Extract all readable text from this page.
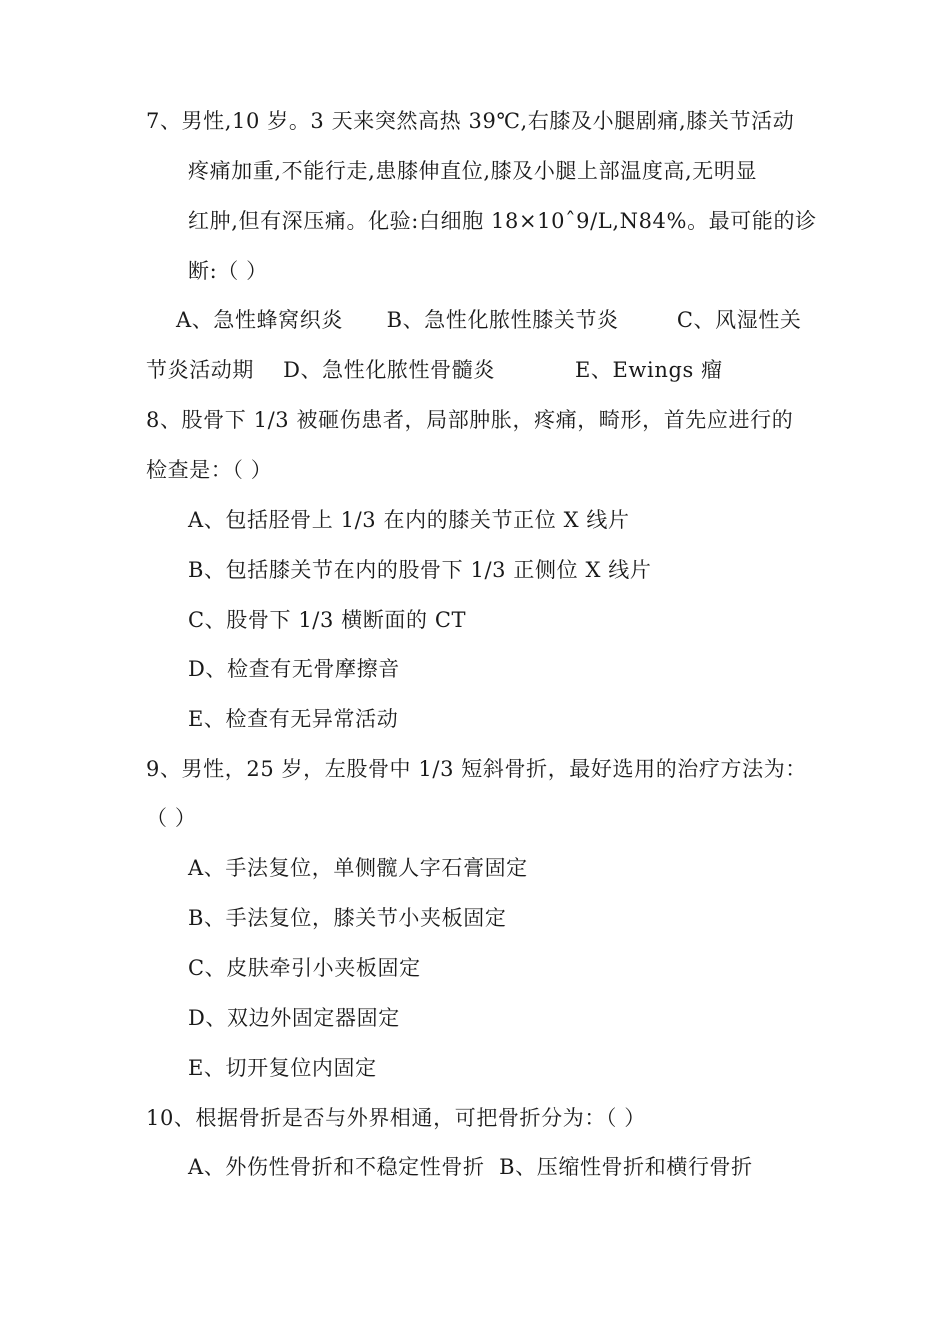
7、男性,10 岁。3 天来突然高热 39℃,右膝及小腿剧痛,膝关节活动
疼痛加重,不能行走,患膝伸直位,膝及小腿上部温度高,无明显
红肿,但有深压痛。化验:白细胞 18×10ˆ9/L,N84%。最可能的诊
断:（ ）
A、急性蜂窝织炎      B、急性化脓性膝关节炎        C、风湿性关
节炎活动期    D、急性化脓性骨髓炎           E、Ewings 瘤
8、股骨下 1/3 被砸伤患者，局部肿胀，疼痛，畸形，首先应进行的
检查是：（ ）
A、包括胫骨上 1/3 在内的膝关节正位 X 线片
B、包括膝关节在内的股骨下 1/3 正侧位 X 线片
C、股骨下 1/3 横断面的 CT
D、检查有无骨摩擦音
E、检查有无异常活动
9、男性，25 岁，左股骨中 1/3 短斜骨折，最好选用的治疗方法为：
（ ）
A、手法复位，单侧髋人字石膏固定
B、手法复位，膝关节小夹板固定
C、皮肤牵引小夹板固定
D、双边外固定器固定
E、切开复位内固定
10、根据骨折是否与外界相通，可把骨折分为：（ ）
A、外伤性骨折和不稳定性骨折  B、压缩性骨折和横行骨折
